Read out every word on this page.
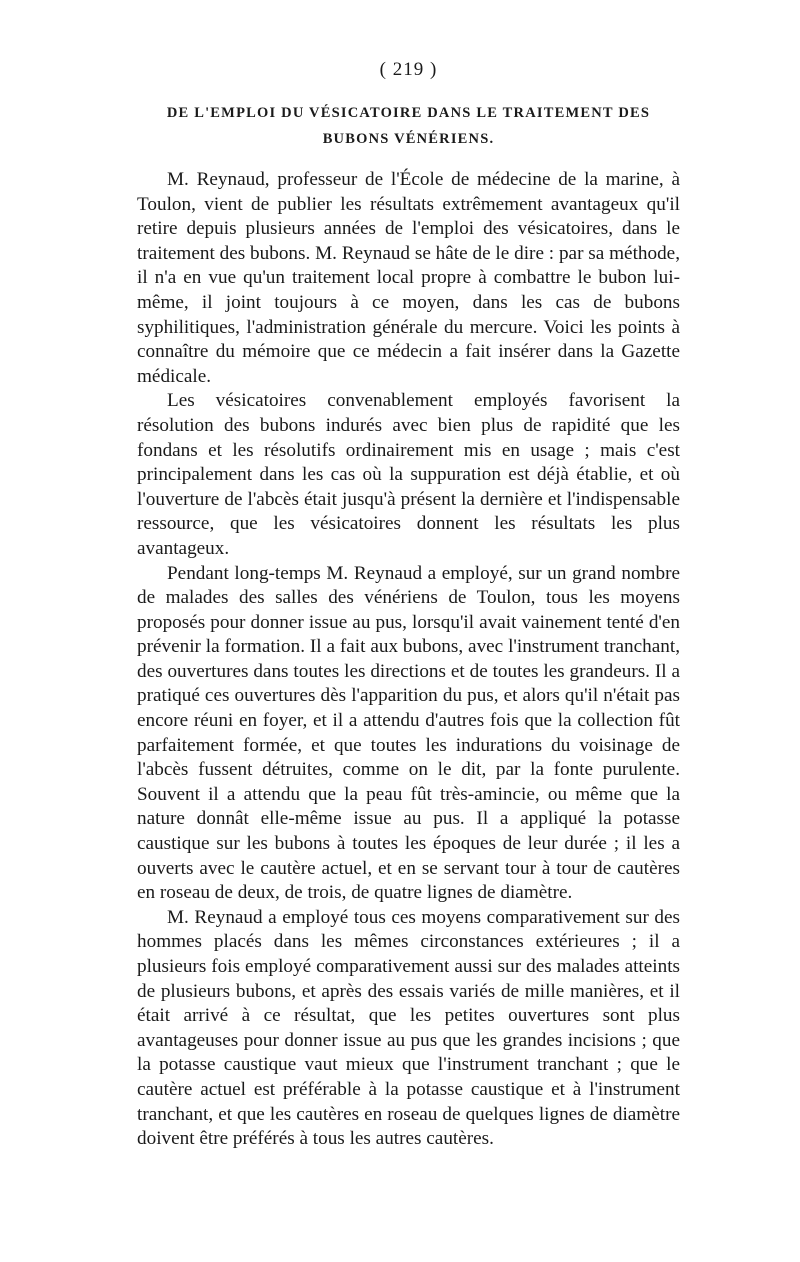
( 219 )
DE L'EMPLOI DU VÉSICATOIRE DANS LE TRAITEMENT DES
BUBONS VÉNÉRIENS.

M. Reynaud, professeur de l'École de médecine de la marine, à Toulon, vient de publier les résultats extrêmement avantageux qu'il retire depuis plusieurs années de l'emploi des vésicatoires, dans le traitement des bubons. M. Reynaud se hâte de le dire : par sa méthode, il n'a en vue qu'un traitement local propre à combattre le bubon lui-même, il joint toujours à ce moyen, dans les cas de bubons syphilitiques, l'administration générale du mercure. Voici les points à connaître du mémoire que ce médecin a fait insérer dans la Gazette médicale.

Les vésicatoires convenablement employés favorisent la résolution des bubons indurés avec bien plus de rapidité que les fondans et les résolutifs ordinairement mis en usage ; mais c'est principalement dans les cas où la suppuration est déjà établie, et où l'ouverture de l'abcès était jusqu'à présent la dernière et l'indispensable ressource, que les vésicatoires donnent les résultats les plus avantageux.

Pendant long-temps M. Reynaud a employé, sur un grand nombre de malades des salles des vénériens de Toulon, tous les moyens proposés pour donner issue au pus, lorsqu'il avait vainement tenté d'en prévenir la formation. Il a fait aux bubons, avec l'instrument tranchant, des ouvertures dans toutes les directions et de toutes les grandeurs. Il a pratiqué ces ouvertures dès l'apparition du pus, et alors qu'il n'était pas encore réuni en foyer, et il a attendu d'autres fois que la collection fût parfaitement formée, et que toutes les indurations du voisinage de l'abcès fussent détruites, comme on le dit, par la fonte purulente. Souvent il a attendu que la peau fût très-amincie, ou même que la nature donnât elle-même issue au pus. Il a appliqué la potasse caustique sur les bubons à toutes les époques de leur durée ; il les a ouverts avec le cautère actuel, et en se servant tour à tour de cautères en roseau de deux, de trois, de quatre lignes de diamètre.

M. Reynaud a employé tous ces moyens comparativement sur des hommes placés dans les mêmes circonstances extérieures ; il a plusieurs fois employé comparativement aussi sur des malades atteints de plusieurs bubons, et après des essais variés de mille manières, et il était arrivé à ce résultat, que les petites ouvertures sont plus avantageuses pour donner issue au pus que les grandes incisions ; que la potasse caustique vaut mieux que l'instrument tranchant ; que le cautère actuel est préférable à la potasse caustique et à l'instrument tranchant, et que les cautères en roseau de quelques lignes de diamètre doivent être préférés à tous les autres cautères.
